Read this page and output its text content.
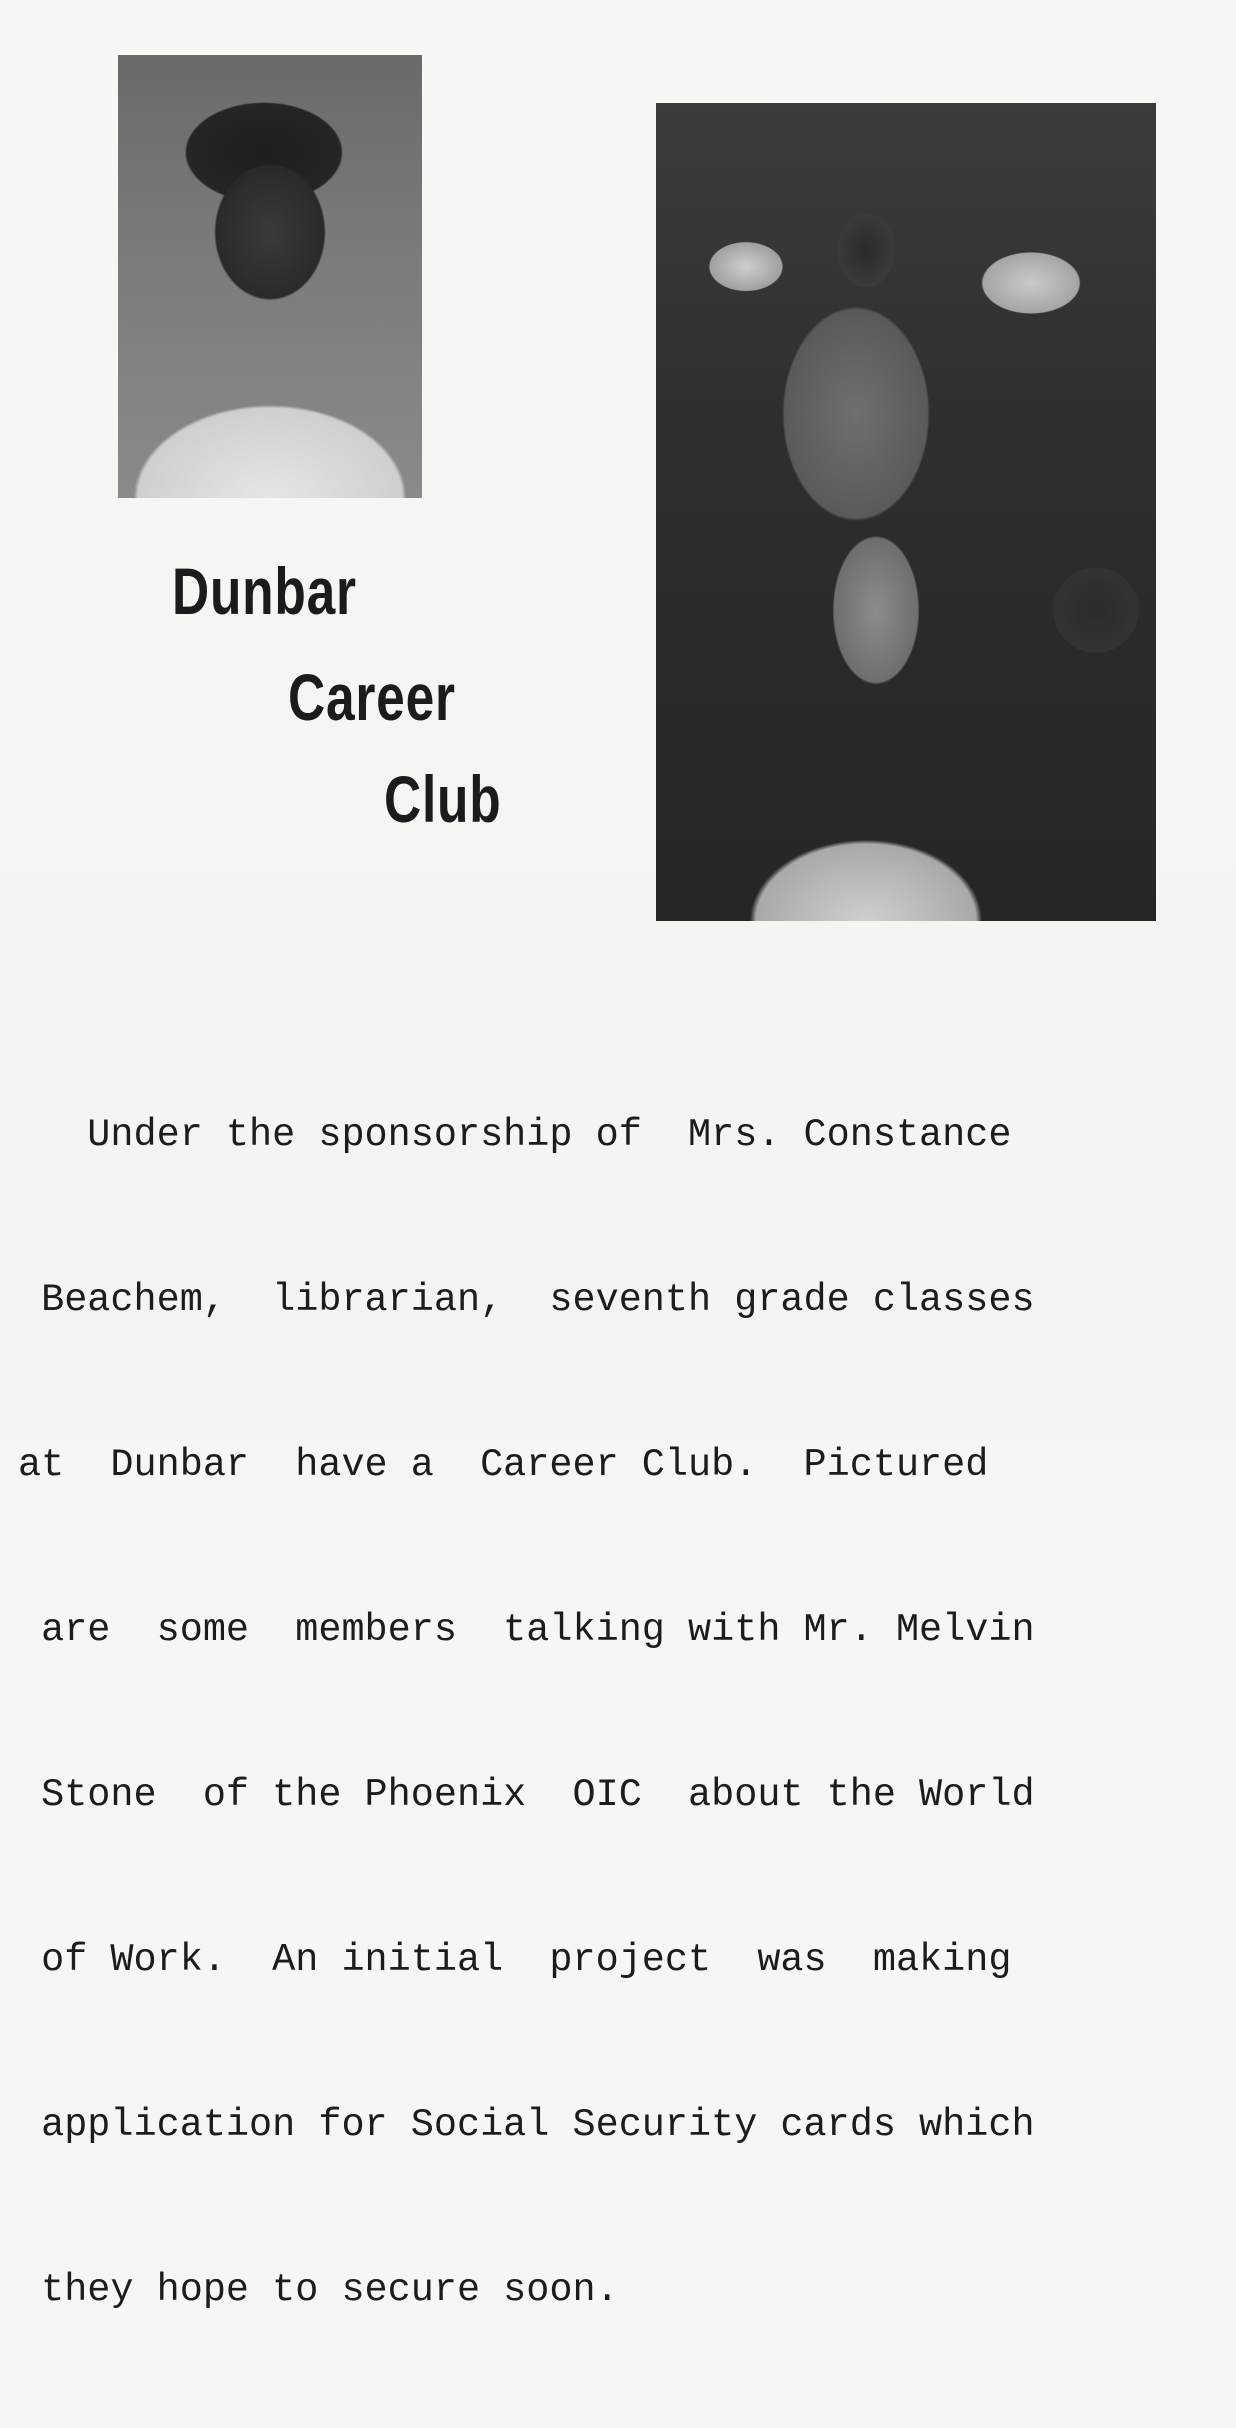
Dunbar
Career
Club

Under the sponsorship of  Mrs. Constance

Beachem,  librarian,  seventh grade classes

at  Dunbar  have a  Career Club.  Pictured

are  some  members  talking with Mr. Melvin

Stone  of the Phoenix  OIC  about the World

of Work.  An initial  project  was  making

application for Social Security cards which

they hope to secure soon.
